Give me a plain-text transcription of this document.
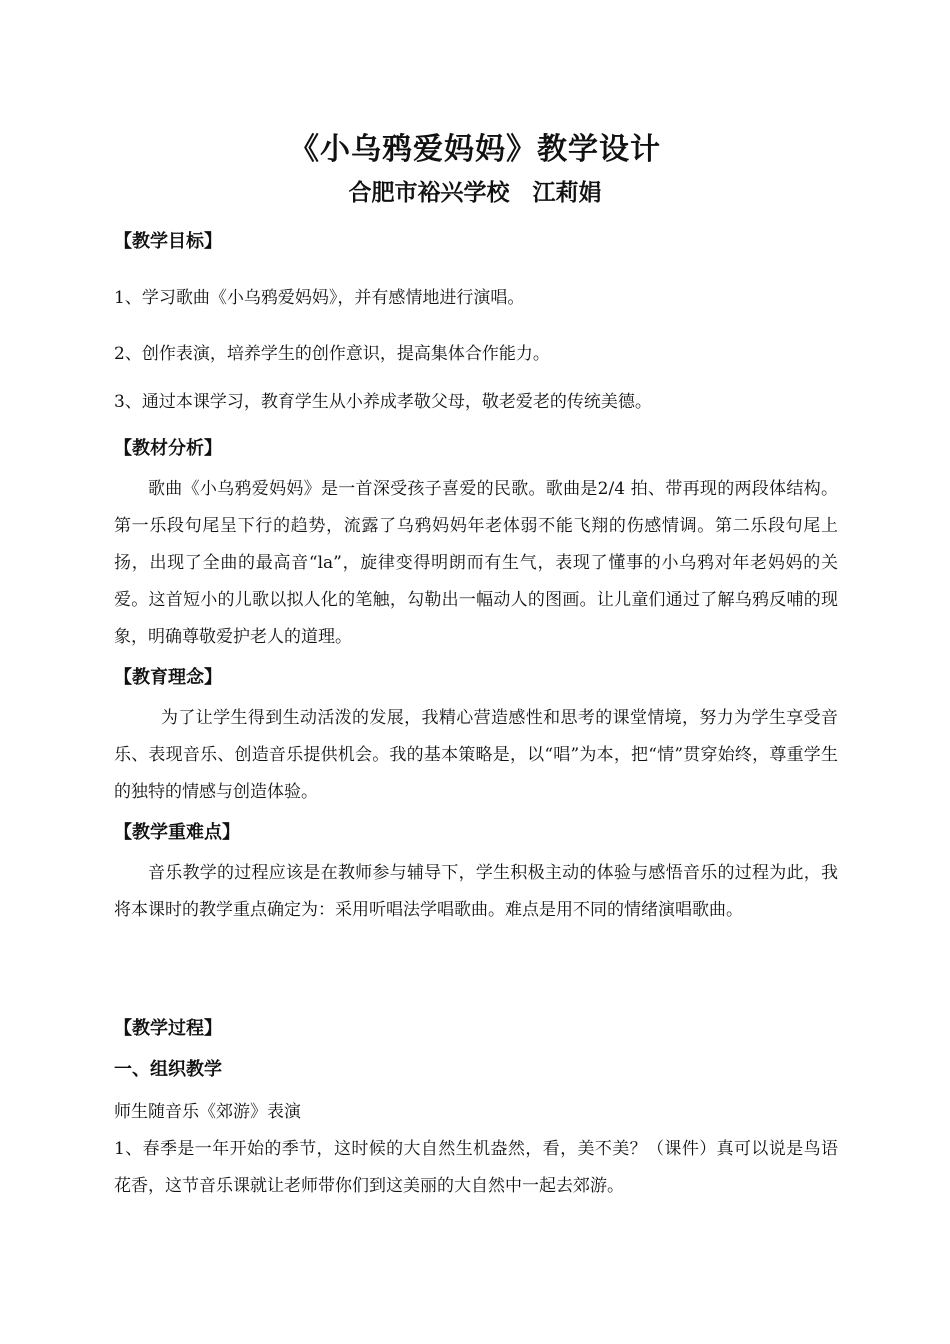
《小乌鸦爱妈妈》教学设计
合肥市裕兴学校　江莉娟
【教学目标】
1、学习歌曲《小乌鸦爱妈妈》，并有感情地进行演唱。
2、创作表演，培养学生的创作意识，提高集体合作能力。
3、通过本课学习，教育学生从小养成孝敬父母，敬老爱老的传统美德。
【教材分析】
歌曲《小乌鸦爱妈妈》是一首深受孩子喜爱的民歌。歌曲是2/4 拍、带再现的两段体结构。第一乐段句尾呈下行的趋势，流露了乌鸦妈妈年老体弱不能飞翔的伤感情调。第二乐段句尾上扬，出现了全曲的最高音“la”，旋律变得明朗而有生气，表现了懂事的小乌鸦对年老妈妈的关爱。这首短小的儿歌以拟人化的笔触，勾勒出一幅动人的图画。让儿童们通过了解乌鸦反哺的现象，明确尊敬爱护老人的道理。
【教育理念】
为了让学生得到生动活泼的发展，我精心营造感性和思考的课堂情境，努力为学生享受音乐、表现音乐、创造音乐提供机会。我的基本策略是，以“唱”为本，把“情”贯穿始终，尊重学生的独特的情感与创造体验。
【教学重难点】
音乐教学的过程应该是在教师参与辅导下，学生积极主动的体验与感悟音乐的过程为此，我将本课时的教学重点确定为：采用听唱法学唱歌曲。难点是用不同的情绪演唱歌曲。
【教学过程】
一、组织教学
师生随音乐《郊游》表演
1、春季是一年开始的季节，这时候的大自然生机盎然，看，美不美？（课件）真可以说是鸟语花香，这节音乐课就让老师带你们到这美丽的大自然中一起去郊游。
